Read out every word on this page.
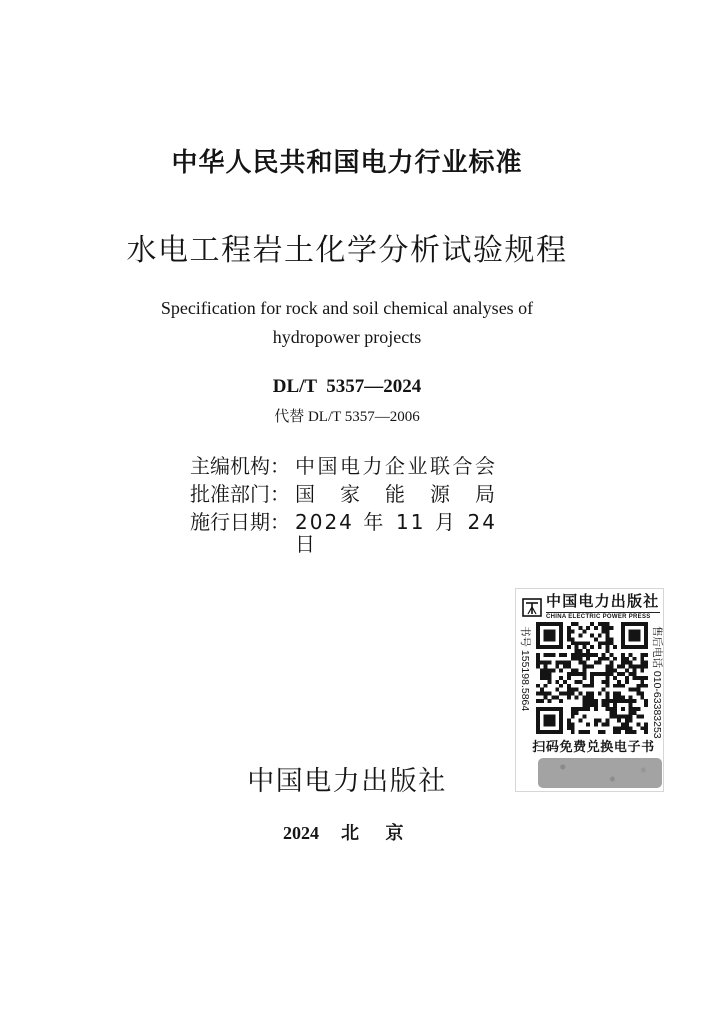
中华人民共和国电力行业标准
水电工程岩土化学分析试验规程
Specification for rock and soil chemical analyses of
hydropower projects
DL/T  5357—2024
代替 DL/T 5357—2006
主编机构： 中国电力企业联合会
批准部门： 国 家 能 源 局
施行日期： 2024 年 11 月 24 日
中国电力出版社
CHINA ELECTRIC POWER PRESS
书号 155198.5864	售后电话 010-63383253
扫码免费兑换电子书
中国电力出版社
2024 北 京
